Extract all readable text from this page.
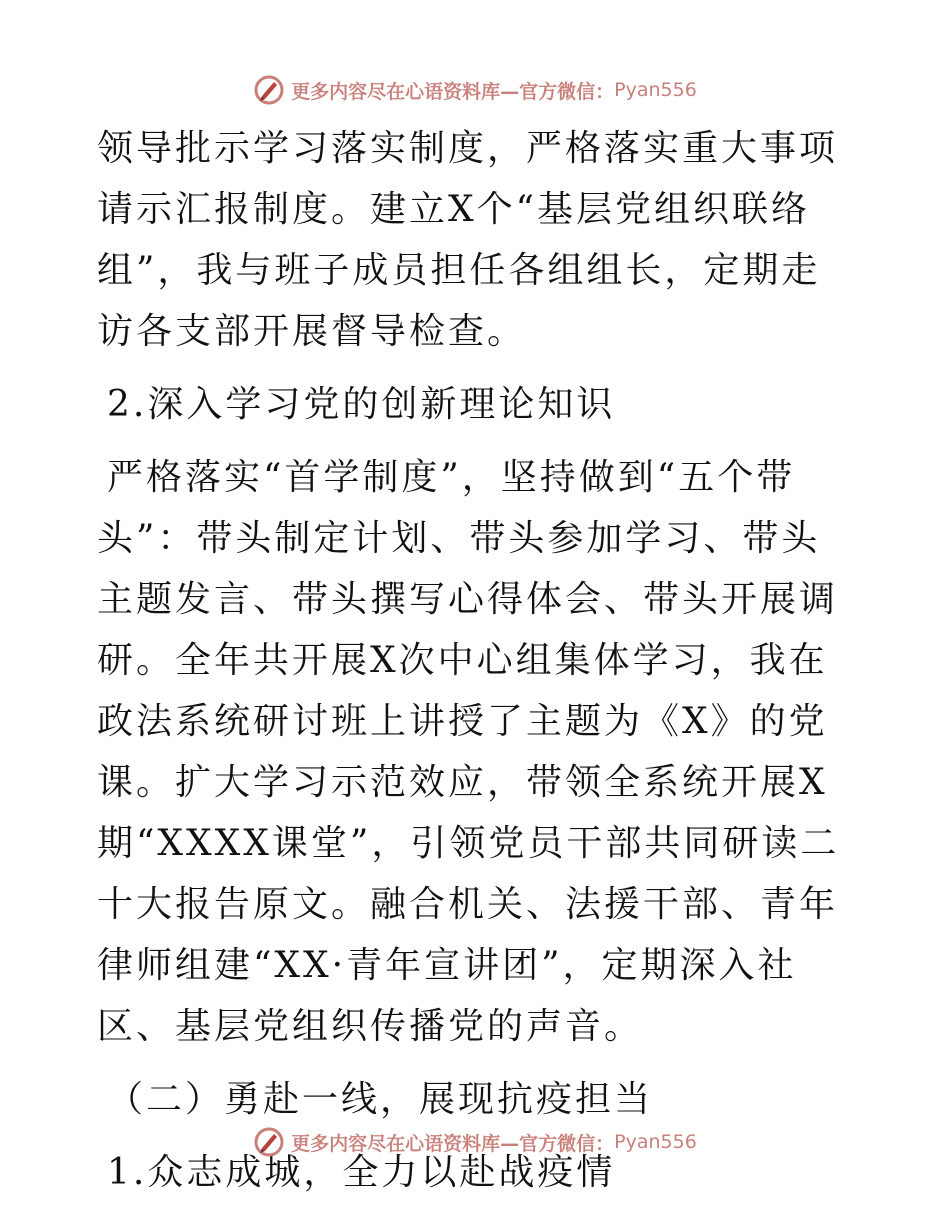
更多内容尽在心语资料库—官方微信： Pyan556

领导批示学习落实制度，严格落实重大事项请示汇报制度。建立X个“基层党组织联络组”，我与班子成员担任各组组长，定期走访各支部开展督导检查。

2.深入学习党的创新理论知识

严格落实“首学制度”，坚持做到“五个带头”：带头制定计划、带头参加学习、带头主题发言、带头撰写心得体会、带头开展调研。全年共开展X次中心组集体学习，我在政法系统研讨班上讲授了主题为《X》的党课。扩大学习示范效应，带领全系统开展X期“XXXX课堂”，引领党员干部共同研读二十大报告原文。融合机关、法援干部、青年律师组建“XX·青年宣讲团”，定期深入社区、基层党组织传播党的声音。

（二）勇赴一线，展现抗疫担当

1.众志成城，全力以赴战疫情

更多内容尽在心语资料库—官方微信： Pyan556
